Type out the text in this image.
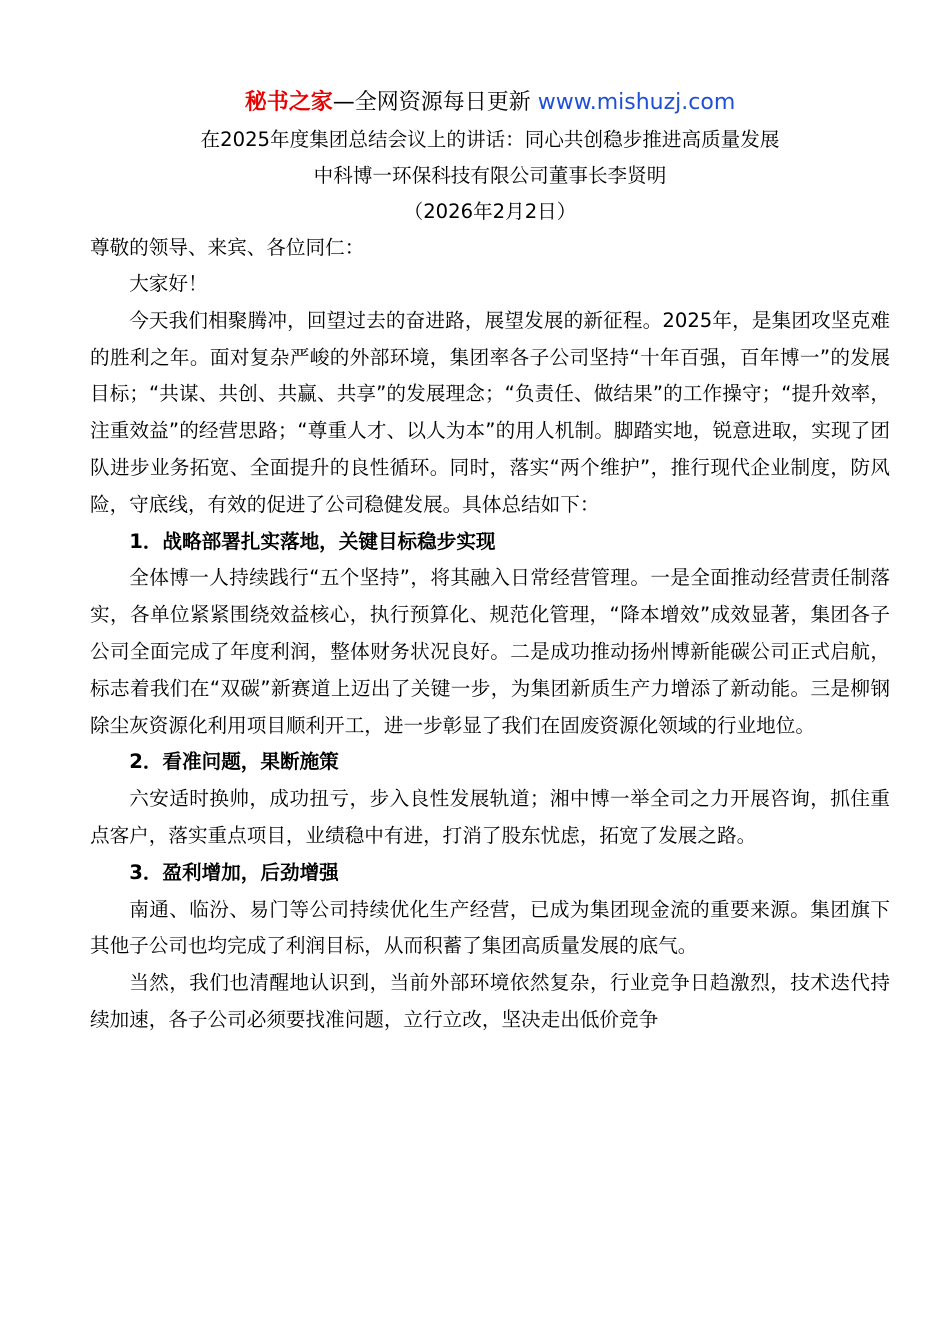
秘书之家—全网资源每日更新 www.mishuzj.com
在2025年度集团总结会议上的讲话：同心共创稳步推进高质量发展
中科博一环保科技有限公司董事长李贤明
（2026年2月2日）
尊敬的领导、来宾、各位同仁：

大家好！

今天我们相聚腾冲，回望过去的奋进路，展望发展的新征程。2025年，是集团攻坚克难的胜利之年。面对复杂严峻的外部环境，集团率各子公司坚持“十年百强，百年博一”的发展目标；“共谋、共创、共赢、共享”的发展理念；“负责任、做结果”的工作操守；“提升效率，注重效益”的经营思路；“尊重人才、以人为本”的用人机制。脚踏实地，锐意进取，实现了团队进步业务拓宽、全面提升的良性循环。同时，落实“两个维护”，推行现代企业制度，防风险，守底线，有效的促进了公司稳健发展。具体总结如下：

1．战略部署扎实落地，关键目标稳步实现

全体博一人持续践行“五个坚持”，将其融入日常经营管理。一是全面推动经营责任制落实，各单位紧紧围绕效益核心，执行预算化、规范化管理，“降本增效”成效显著，集团各子公司全面完成了年度利润，整体财务状况良好。二是成功推动扬州博新能碳公司正式启航，标志着我们在“双碳”新赛道上迈出了关键一步，为集团新质生产力增添了新动能。三是柳钢除尘灰资源化利用项目顺利开工，进一步彰显了我们在固废资源化领域的行业地位。

2．看准问题，果断施策

六安适时换帅，成功扭亏，步入良性发展轨道；湘中博一举全司之力开展咨询，抓住重点客户，落实重点项目，业绩稳中有进，打消了股东忧虑，拓宽了发展之路。

3．盈利增加，后劲增强

南通、临汾、易门等公司持续优化生产经营，已成为集团现金流的重要来源。集团旗下其他子公司也均完成了利润目标，从而积蓄了集团高质量发展的底气。

当然，我们也清醒地认识到，当前外部环境依然复杂，行业竞争日趋激烈，技术迭代持续加速，各子公司必须要找准问题，立行立改，坚决走出低价竞争
